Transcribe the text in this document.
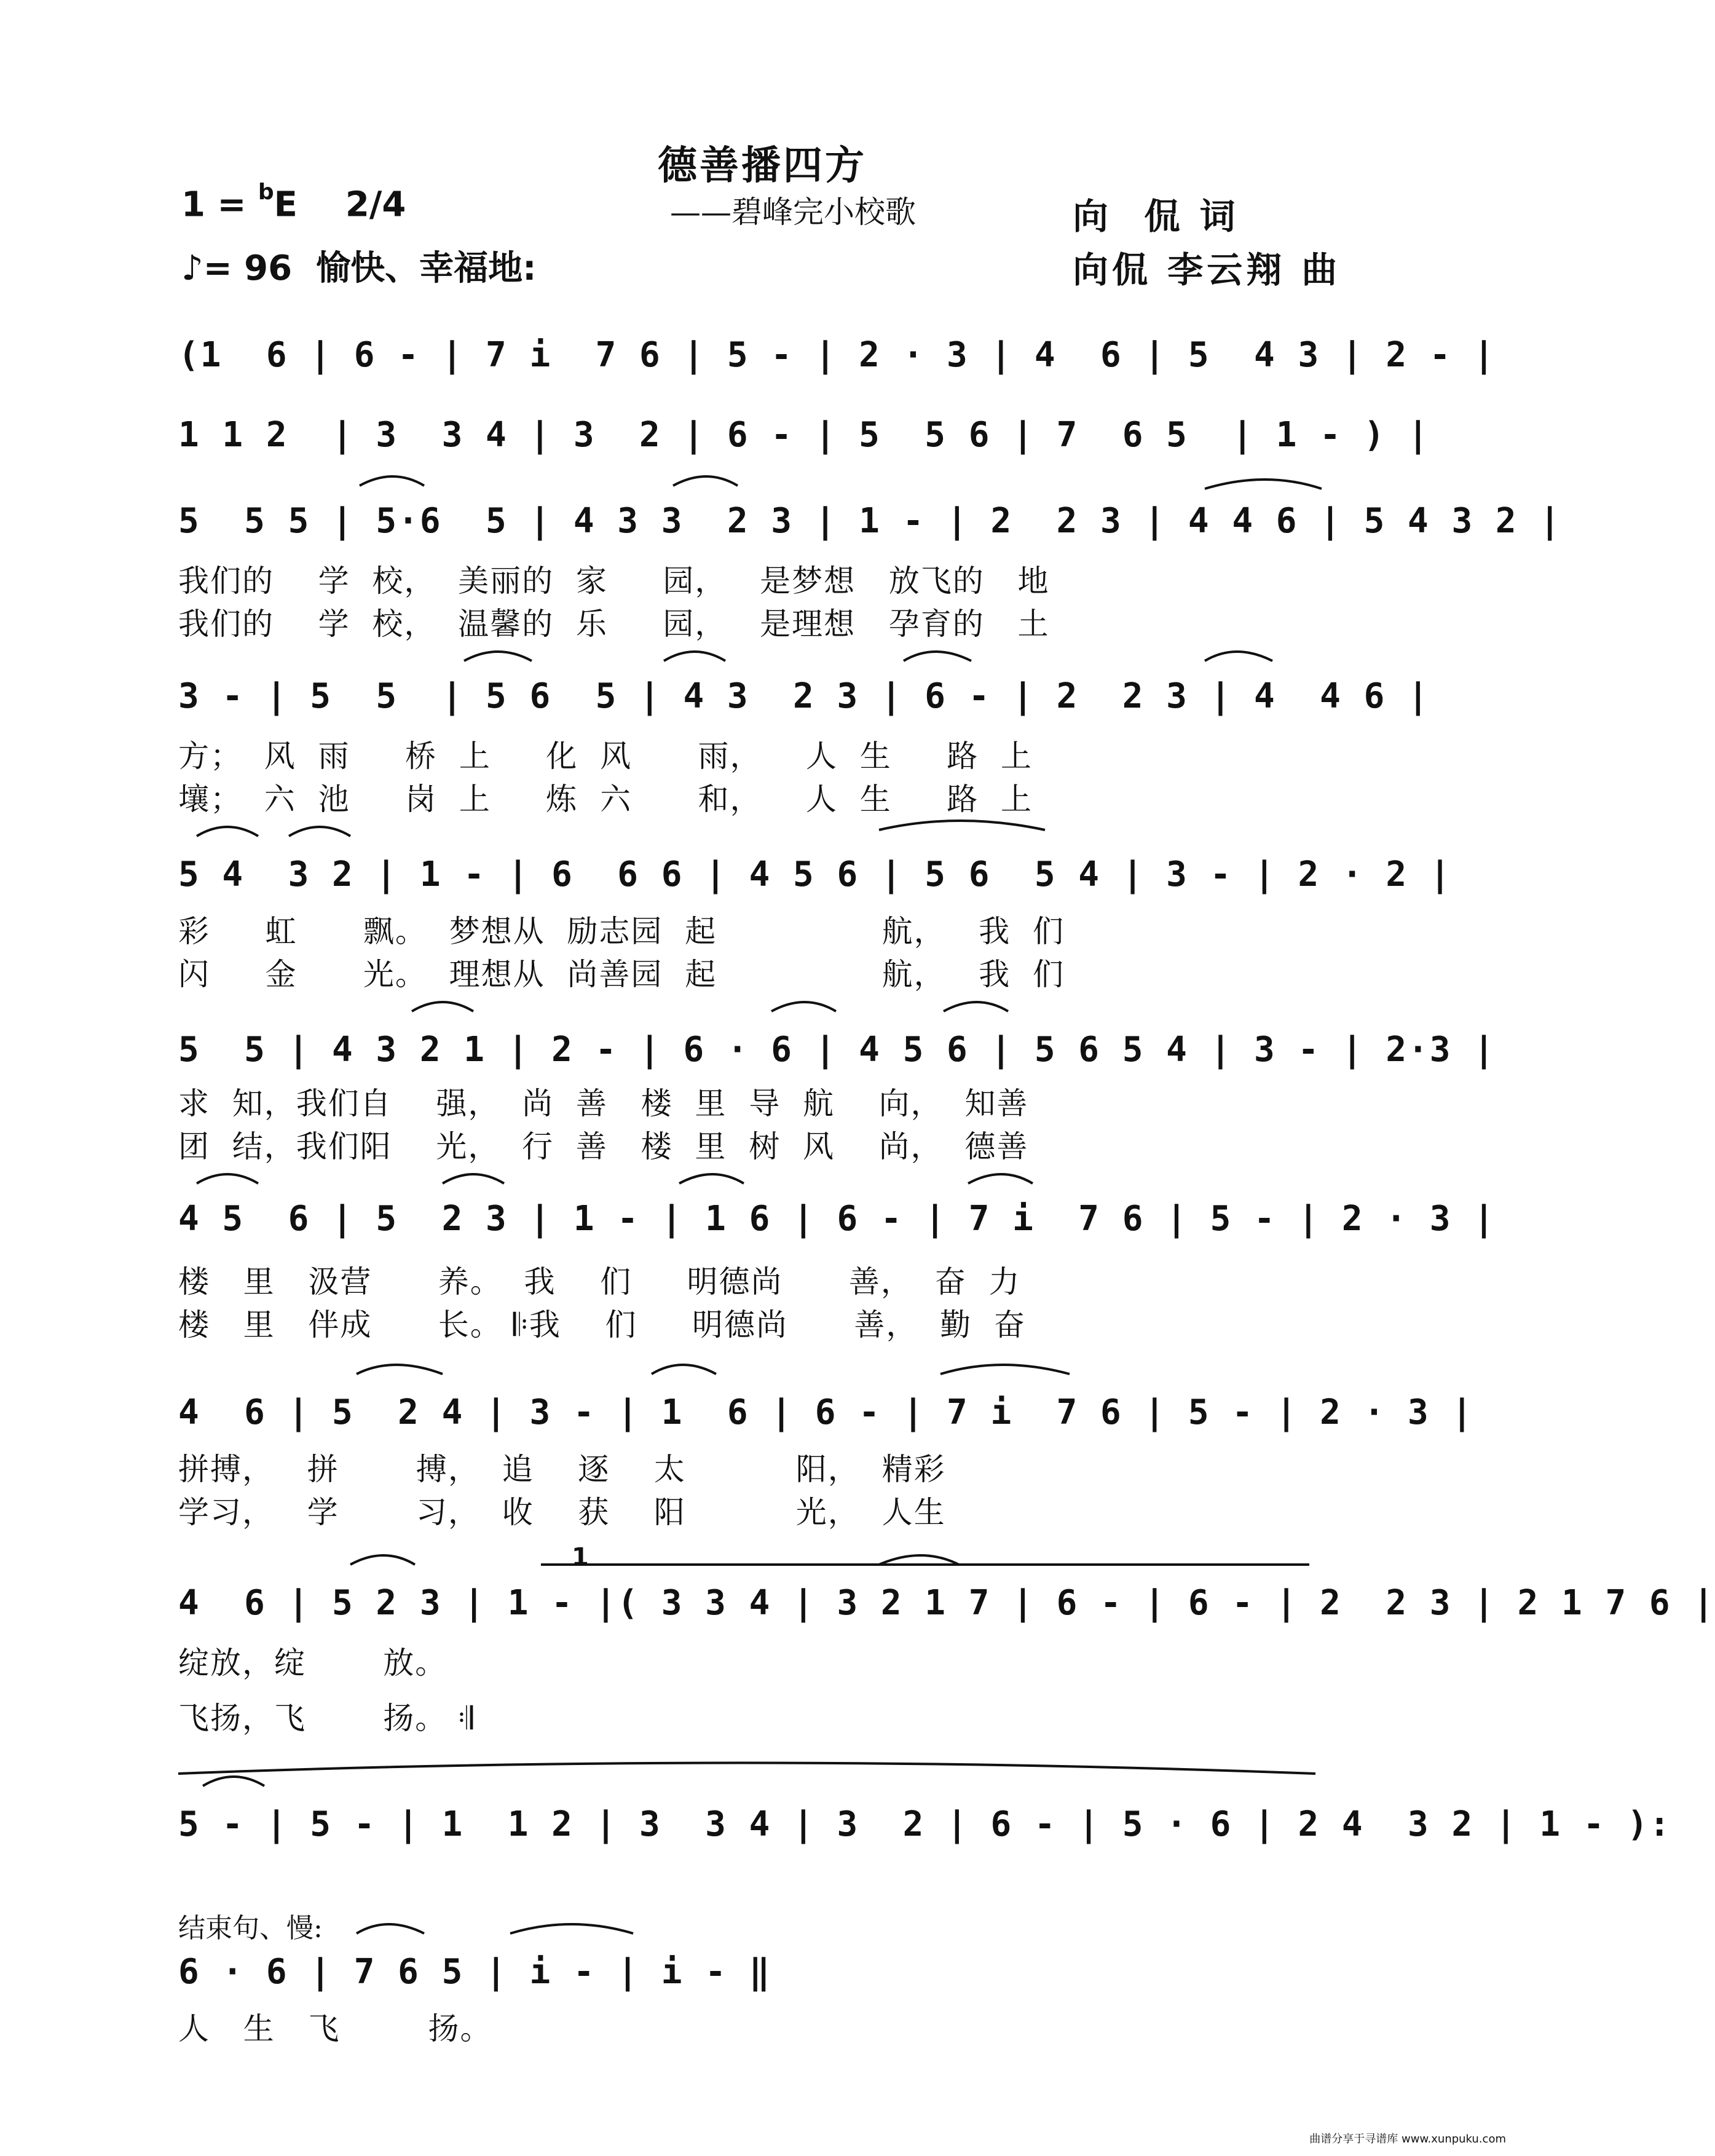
德善播四方
——碧峰完小校歌
1 = $^b$E 2/4
♪= 96 愉快、幸福地:
向  侃 词
向侃 李云翔 曲
(1  6 | 6 - | 7 i  7 6 | 5 - | 2 · 3 | 4  6 | 5  4 3 | 2 - |
1 1 2  | 3  3 4 | 3  2 | 6 - | 5  5 6 | 7  6 5  | 1 - ) |
5  5 5 | 5·6  5 | 4 3 3  2 3 | 1 - | 2  2 3 | 4 4 6 | 5 4 3 2 |
我们的    学  校，  美丽的  家     园，   是梦想   放飞的   地
我们的    学  校，  温馨的  乐     园，   是理想   孕育的   土
3 - | 5  5  | 5 6  5 | 4 3  2 3 | 6 - | 2  2 3 | 4  4 6 |
方；  风  雨     桥  上     化  风      雨，    人  生     路  上
壤；  六  池     岗  上     炼  六      和，    人  生     路  上
5 4  3 2 | 1 - | 6  6 6 | 4 5 6 | 5 6  5 4 | 3 - | 2 · 2 |
彩     虹      飘。  梦想从  励志园  起               航，   我  们
闪     金      光。  理想从  尚善园  起               航，   我  们
5  5 | 4 3 2 1 | 2 - | 6 · 6 | 4 5 6 | 5 6 5 4 | 3 - | 2·3 |
求  知，我们自    强，  尚  善   楼  里  导  航    向，  知善
团  结，我们阳    光，  行  善   楼  里  树  风    尚，  德善
4 5  6 | 5  2 3 | 1 - | 1 6 | 6 - | 7 i  7 6 | 5 - | 2 · 3 |
楼   里   汲营      养。  我    们     明德尚      善，  奋  力
楼   里   伴成      长。 𝄆我    们     明德尚      善，  勤  奋
4  6 | 5  2 4 | 3 - | 1  6 | 6 - | 7 i  7 6 | 5 - | 2 · 3 |
拼搏，   拼       搏，  追    逐    太          阳，  精彩
学习，   学       习，  收    获    阳          光，  人生
1
4  6 | 5 2 3 | 1 - |( 3 3 4 | 3 2 1 7 | 6 - | 6 - | 2  2 3 | 2 1 7 6 |
绽放，绽       放。
飞扬，飞       扬。 𝄇
5 - | 5 - | 1  1 2 | 3  3 4 | 3  2 | 6 - | 5 · 6 | 2 4  3 2 | 1 - ):
结束句、慢:
6 · 6 | 7 6 5 | i - | i - ‖
人   生   飞        扬。
曲谱分享于寻谱库 www.xunpuku.com
